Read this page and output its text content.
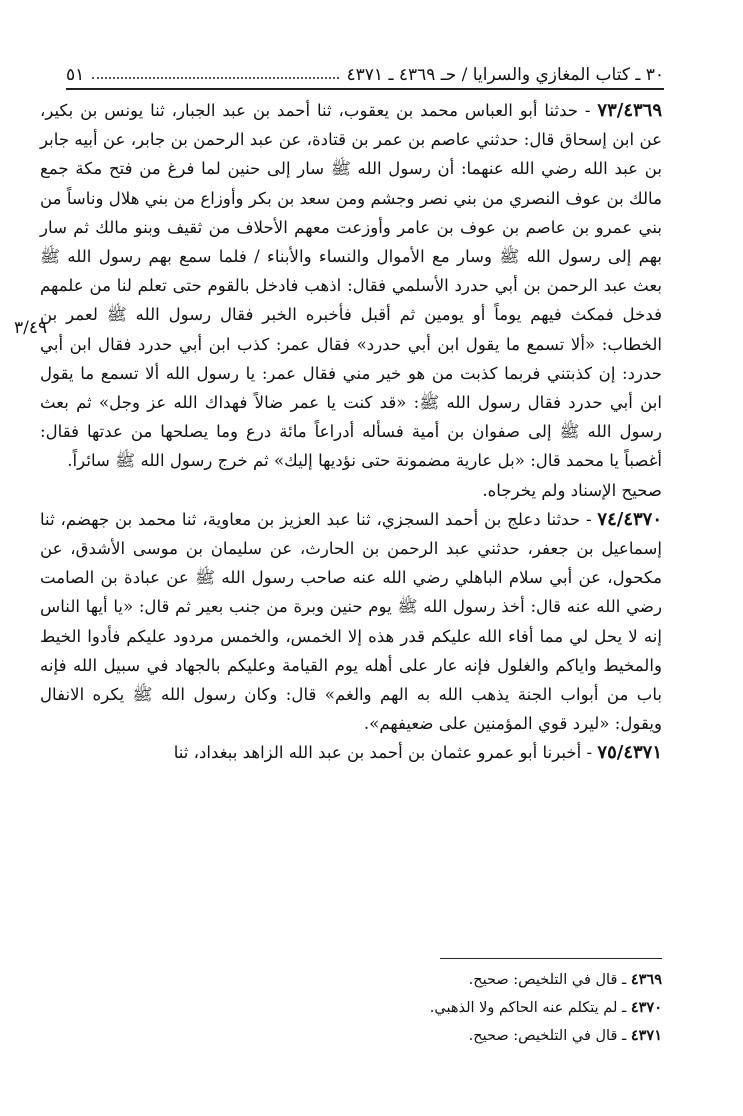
٣٠ ـ كتاب المغازي والسرايا / حـ ٤٣٦٩ ـ ٤٣٧١
٥١
٣/٤٩

٧٣/٤٣٦٩ - حدثنا أبو العباس محمد بن يعقوب، ثنا أحمد بن عبد الجبار، ثنا يونس بن بكير، عن ابن إسحاق قال: حدثني عاصم بن عمر بن قتادة، عن عبد الرحمن بن جابر، عن أبيه جابر بن عبد الله رضي الله عنهما: أن رسول الله ﷺ سار إلى حنين لما فرغ من فتح مكة جمع مالك بن عوف النصري من بني نصر وجشم ومن سعد بن بكر وأوزاع من بني هلال وناساً من بني عمرو بن عاصم بن عوف بن عامر وأوزعت معهم الأحلاف من ثقيف وبنو مالك ثم سار بهم إلى رسول الله ﷺ وسار مع الأموال والنساء والأبناء / فلما سمع بهم رسول الله ﷺ بعث عبد الرحمن بن أبي حدرد الأسلمي فقال: اذهب فادخل بالقوم حتى تعلم لنا من علمهم فدخل فمكث فيهم يوماً أو يومين ثم أقبل فأخبره الخبر فقال رسول الله ﷺ لعمر بن الخطاب: «ألا تسمع ما يقول ابن أبي حدرد» فقال عمر: كذب ابن أبي حدرد فقال ابن أبي حدرد: إن كذبتني فربما كذبت من هو خير مني فقال عمر: يا رسول الله ألا تسمع ما يقول ابن أبي حدرد فقال رسول الله ﷺ: «قد كنت يا عمر ضالاً فهداك الله عز وجل» ثم بعث رسول الله ﷺ إلى صفوان بن أمية فسأله أدراعاً مائة درع وما يصلحها من عدتها فقال: أغصباً يا محمد قال: «بل عارية مضمونة حتى نؤديها إليك» ثم خرج رسول الله ﷺ سائراً.

صحيح الإسناد ولم يخرجاه.

٧٤/٤٣٧٠ - حدثنا دعلج بن أحمد السجزي، ثنا عبد العزيز بن معاوية، ثنا محمد بن جهضم، ثنا إسماعيل بن جعفر، حدثني عبد الرحمن بن الحارث، عن سليمان بن موسى الأشدق، عن مكحول، عن أبي سلام الباهلي رضي الله عنه صاحب رسول الله ﷺ عن عبادة بن الصامت رضي الله عنه قال: أخذ رسول الله ﷺ يوم حنين وبرة من جنب بعير ثم قال: «يا أيها الناس إنه لا يحل لي مما أفاء الله عليكم قدر هذه إلا الخمس، والخمس مردود عليكم فأدوا الخيط والمخيط واياكم والغلول فإنه عار على أهله يوم القيامة وعليكم بالجهاد في سبيل الله فإنه باب من أبواب الجنة يذهب الله به الهم والغم» قال: وكان رسول الله ﷺ يكره الانفال ويقول: «ليرد قوي المؤمنين على ضعيفهم».

٧٥/٤٣٧١ - أخبرنا أبو عمرو عثمان بن أحمد بن عبد الله الزاهد ببغداد، ثنا

٤٣٦٩ ـ قال في التلخيص: صحيح.
٤٣٧٠ ـ لم يتكلم عنه الحاكم ولا الذهبي.
٤٣٧١ ـ قال في التلخيص: صحيح.
